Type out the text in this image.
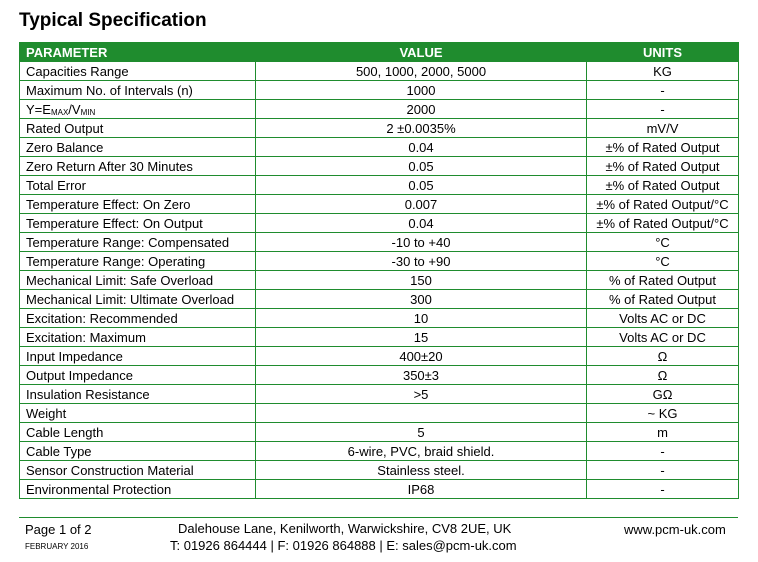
Typical Specification
PARAMETER	VALUE	UNITS
Capacities Range	500, 1000, 2000, 5000	KG
Maximum No. of Intervals (n)	1000	-
$Y=E_{MAX}/V_{MIN}$	2000	-
Rated Output	2 ±0.0035%	mV/V
Zero Balance	0.04	±% of Rated Output
Zero Return After 30 Minutes	0.05	±% of Rated Output
Total Error	0.05	±% of Rated Output
Temperature Effect: On Zero	0.007	±% of Rated Output/°C
Temperature Effect: On Output	0.04	±% of Rated Output/°C
Temperature Range: Compensated	-10 to +40	°C
Temperature Range: Operating	-30 to +90	°C
Mechanical Limit: Safe Overload	150	% of Rated Output
Mechanical Limit: Ultimate Overload	300	% of Rated Output
Excitation: Recommended	10	Volts AC or DC
Excitation: Maximum	15	Volts AC or DC
Input Impedance	400±20	Ω
Output Impedance	350±3	Ω
Insulation Resistance	>5	GΩ
Weight		~ KG
Cable Length	5	m
Cable Type	6-wire, PVC, braid shield.	-
Sensor Construction Material	Stainless steel.	-
Environmental Protection	IP68	-
Page 1 of 2
FEBRUARY 2016
Dalehouse Lane, Kenilworth, Warwickshire, CV8 2UE, UK
T: 01926 864444 | F: 01926 864888 | E: sales@pcm-uk.com
www.pcm-uk.com
